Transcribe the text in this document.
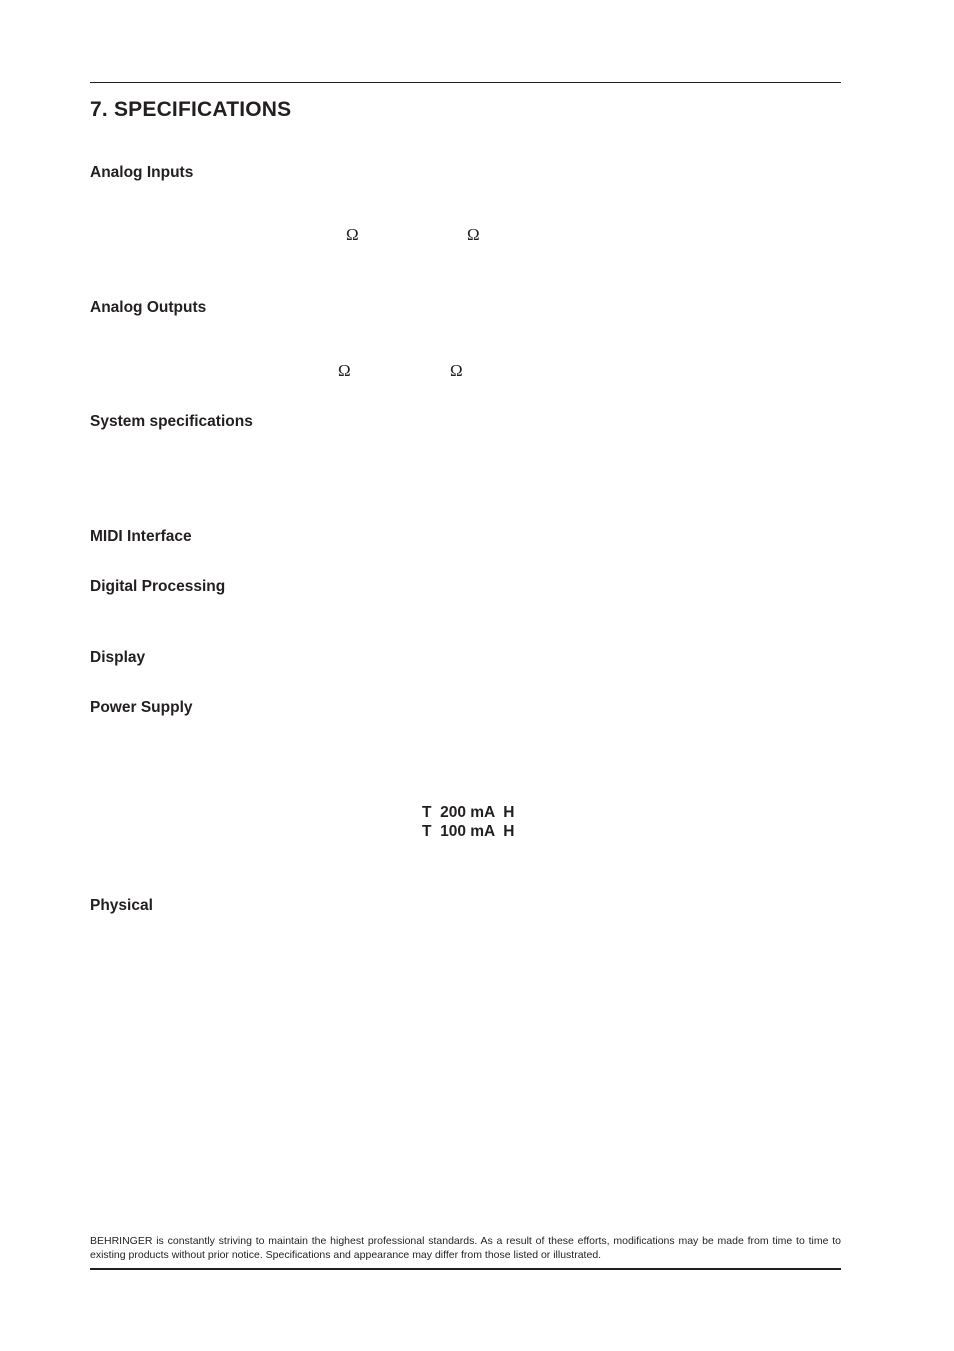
7. SPECIFICATIONS
Analog Inputs
Ω	Ω
Analog Outputs
Ω	Ω
System specifications
MIDI Interface
Digital Processing
Display
Power Supply
T  200 mA  H
T  100 mA  H
Physical

BEHRINGER is constantly striving to maintain the highest professional standards. As a result of these efforts, modifications may be made from time to time to existing products without prior notice. Specifications and appearance may differ from those listed or illustrated.
